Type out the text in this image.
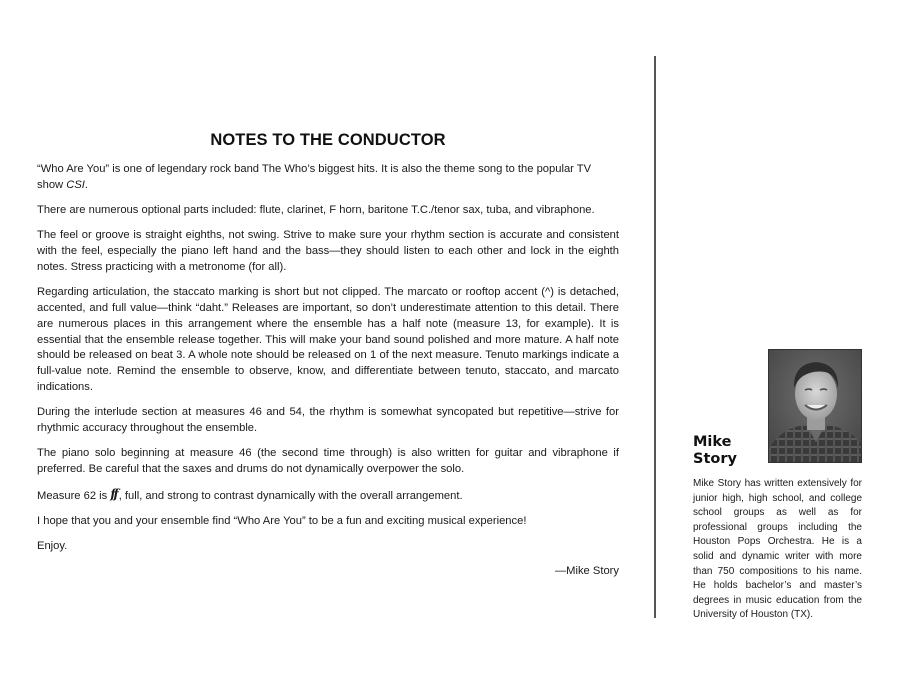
NOTES TO THE CONDUCTOR

“Who Are You” is one of legendary rock band The Who’s biggest hits. It is also the theme song to the popular TV show CSI.

There are numerous optional parts included: flute, clarinet, F horn, baritone T.C./tenor sax, tuba, and vibraphone.

The feel or groove is straight eighths, not swing. Strive to make sure your rhythm section is accurate and consistent with the feel, especially the piano left hand and the bass—they should listen to each other and lock in the eighth notes. Stress practicing with a metronome (for all).

Regarding articulation, the staccato marking is short but not clipped. The marcato or rooftop accent (^) is detached, accented, and full value—think “daht.” Releases are important, so don’t underestimate attention to this detail. There are numerous places in this arrangement where the ensemble has a half note (measure 13, for example). It is essential that the ensemble release together. This will make your band sound polished and more mature. A half note should be released on beat 3. A whole note should be released on 1 of the next measure. Tenuto markings indicate a full-value note. Remind the ensemble to observe, know, and differentiate between tenuto, staccato, and marcato indications.

During the interlude section at measures 46 and 54, the rhythm is somewhat syncopated but repetitive—strive for rhythmic accuracy throughout the ensemble.

The piano solo beginning at measure 46 (the second time through) is also written for guitar and vibraphone if preferred. Be careful that the saxes and drums do not dynamically overpower the solo.

Measure 62 is ff , full, and strong to contrast dynamically with the overall arrangement.

I hope that you and your ensemble find “Who Are You” to be a fun and exciting musical experience!

Enjoy.

—Mike Story
Mike
Story
Mike Story has written extensively for junior high, high school, and college school groups as well as for professional groups including the Houston Pops Orchestra. He is a solid and dynamic writer with more than 750 compositions to his name. He holds bachelor’s and master’s degrees in music education from the University of Houston (TX).
